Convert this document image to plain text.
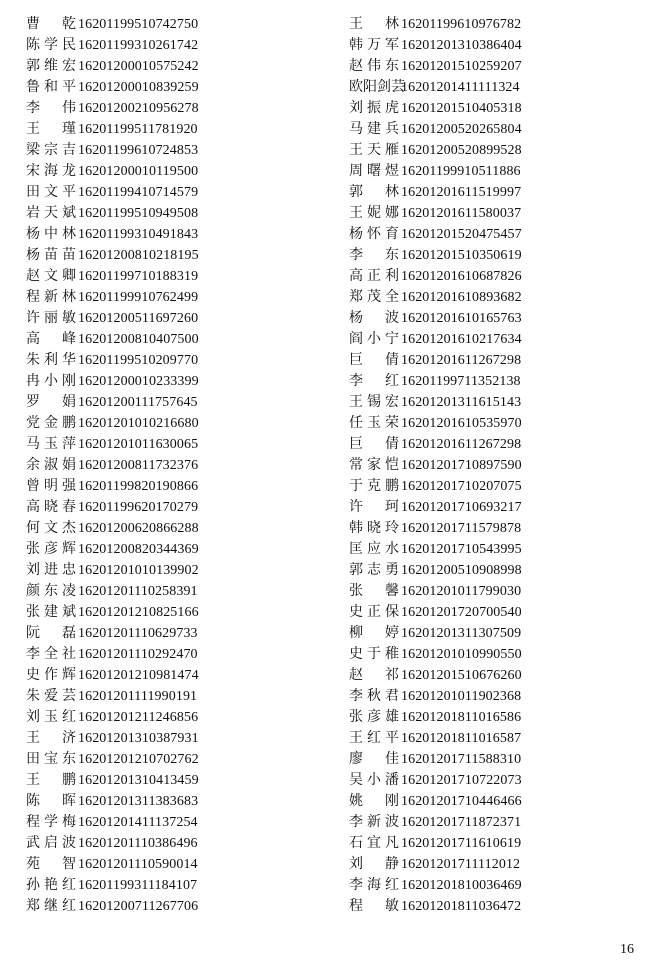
曹　乾 16201199510742750
陈学民 16201199310261742
郭维宏 16201200010575242
鲁和平 16201200010839259
李　伟 16201200210956278
王　瑾 16201199511781920
梁宗吉 16201199610724853
宋海龙 16201200010119500
田文平 16201199410714579
岩天斌 16201199510949508
杨中林 16201199310491843
杨苗苗 16201200810218195
赵文卿 16201199710188319
程新林 16201199910762499
许丽敏 16201200511697260
高　峰 16201200810407500
朱利华 16201199510209770
冉小刚 16201200010233399
罗　娟 16201200111757645
党金鹏 16201201010216680
马玉萍 16201201011630065
余淑娟 16201200811732376
曾明强 16201199820190866
高晓春 16201199620170279
何文杰 16201200620866288
张彦辉 16201200820344369
刘进忠 16201201010139902
颜东凌 16201201110258391
张建斌 16201201210825166
阮　磊 16201201110629733
李全社 16201201110292470
史作辉 16201201210981474
朱爱芸 16201201111990191
刘玉红 16201201211246856
王　济 16201201310387931
田宝东 16201201210702762
王　鹏 16201201310413459
陈　晖 16201201311383683
程学梅 16201201411137254
武启波 16201201110386496
苑　智 16201201110590014
孙艳红 16201199311184107
郑继红 16201200711267706
王　林 16201199610976782
韩万军 16201201310386404
赵伟东 16201201510259207
欧阳剑芸
16201201411111324
刘振虎 16201201510405318
马建兵 16201200520265804
王天雁 16201200520899528
周曙煜 16201199910511886
郭　林 16201201611519997
王妮娜 16201201611580037
杨怀育 16201201520475457
李　东 16201201510350619
高正利 16201201610687826
郑茂全 16201201610893682
杨　波 16201201610165763
阎小宁 16201201610217634
巨　倩 16201201611267298
李　红 16201199711352138
王锡宏 16201201311615143
任玉荣 16201201610535970
巨　倩 16201201611267298
常家恺 16201201710897590
于克鹏 16201201710207075
许　珂 16201201710693217
韩晓玲 16201201711579878
匡应水 16201201710543995
郭志勇 16201200510908998
张　馨 16201201011799030
史正保 16201201720700540
柳　婷 16201201311307509
史于稚 16201201010990550
赵　祁 16201201510676260
李秋君 16201201011902368
张彦雄 16201201811016586
王红平 16201201811016587
廖　佳 16201201711588310
吴小潘 16201201710722073
姚　刚 16201201710446466
李新波 16201201711872371
石宜凡 16201201711610619
刘　静 16201201711112012
李海红 16201201810036469
程　敏 16201201811036472
16
